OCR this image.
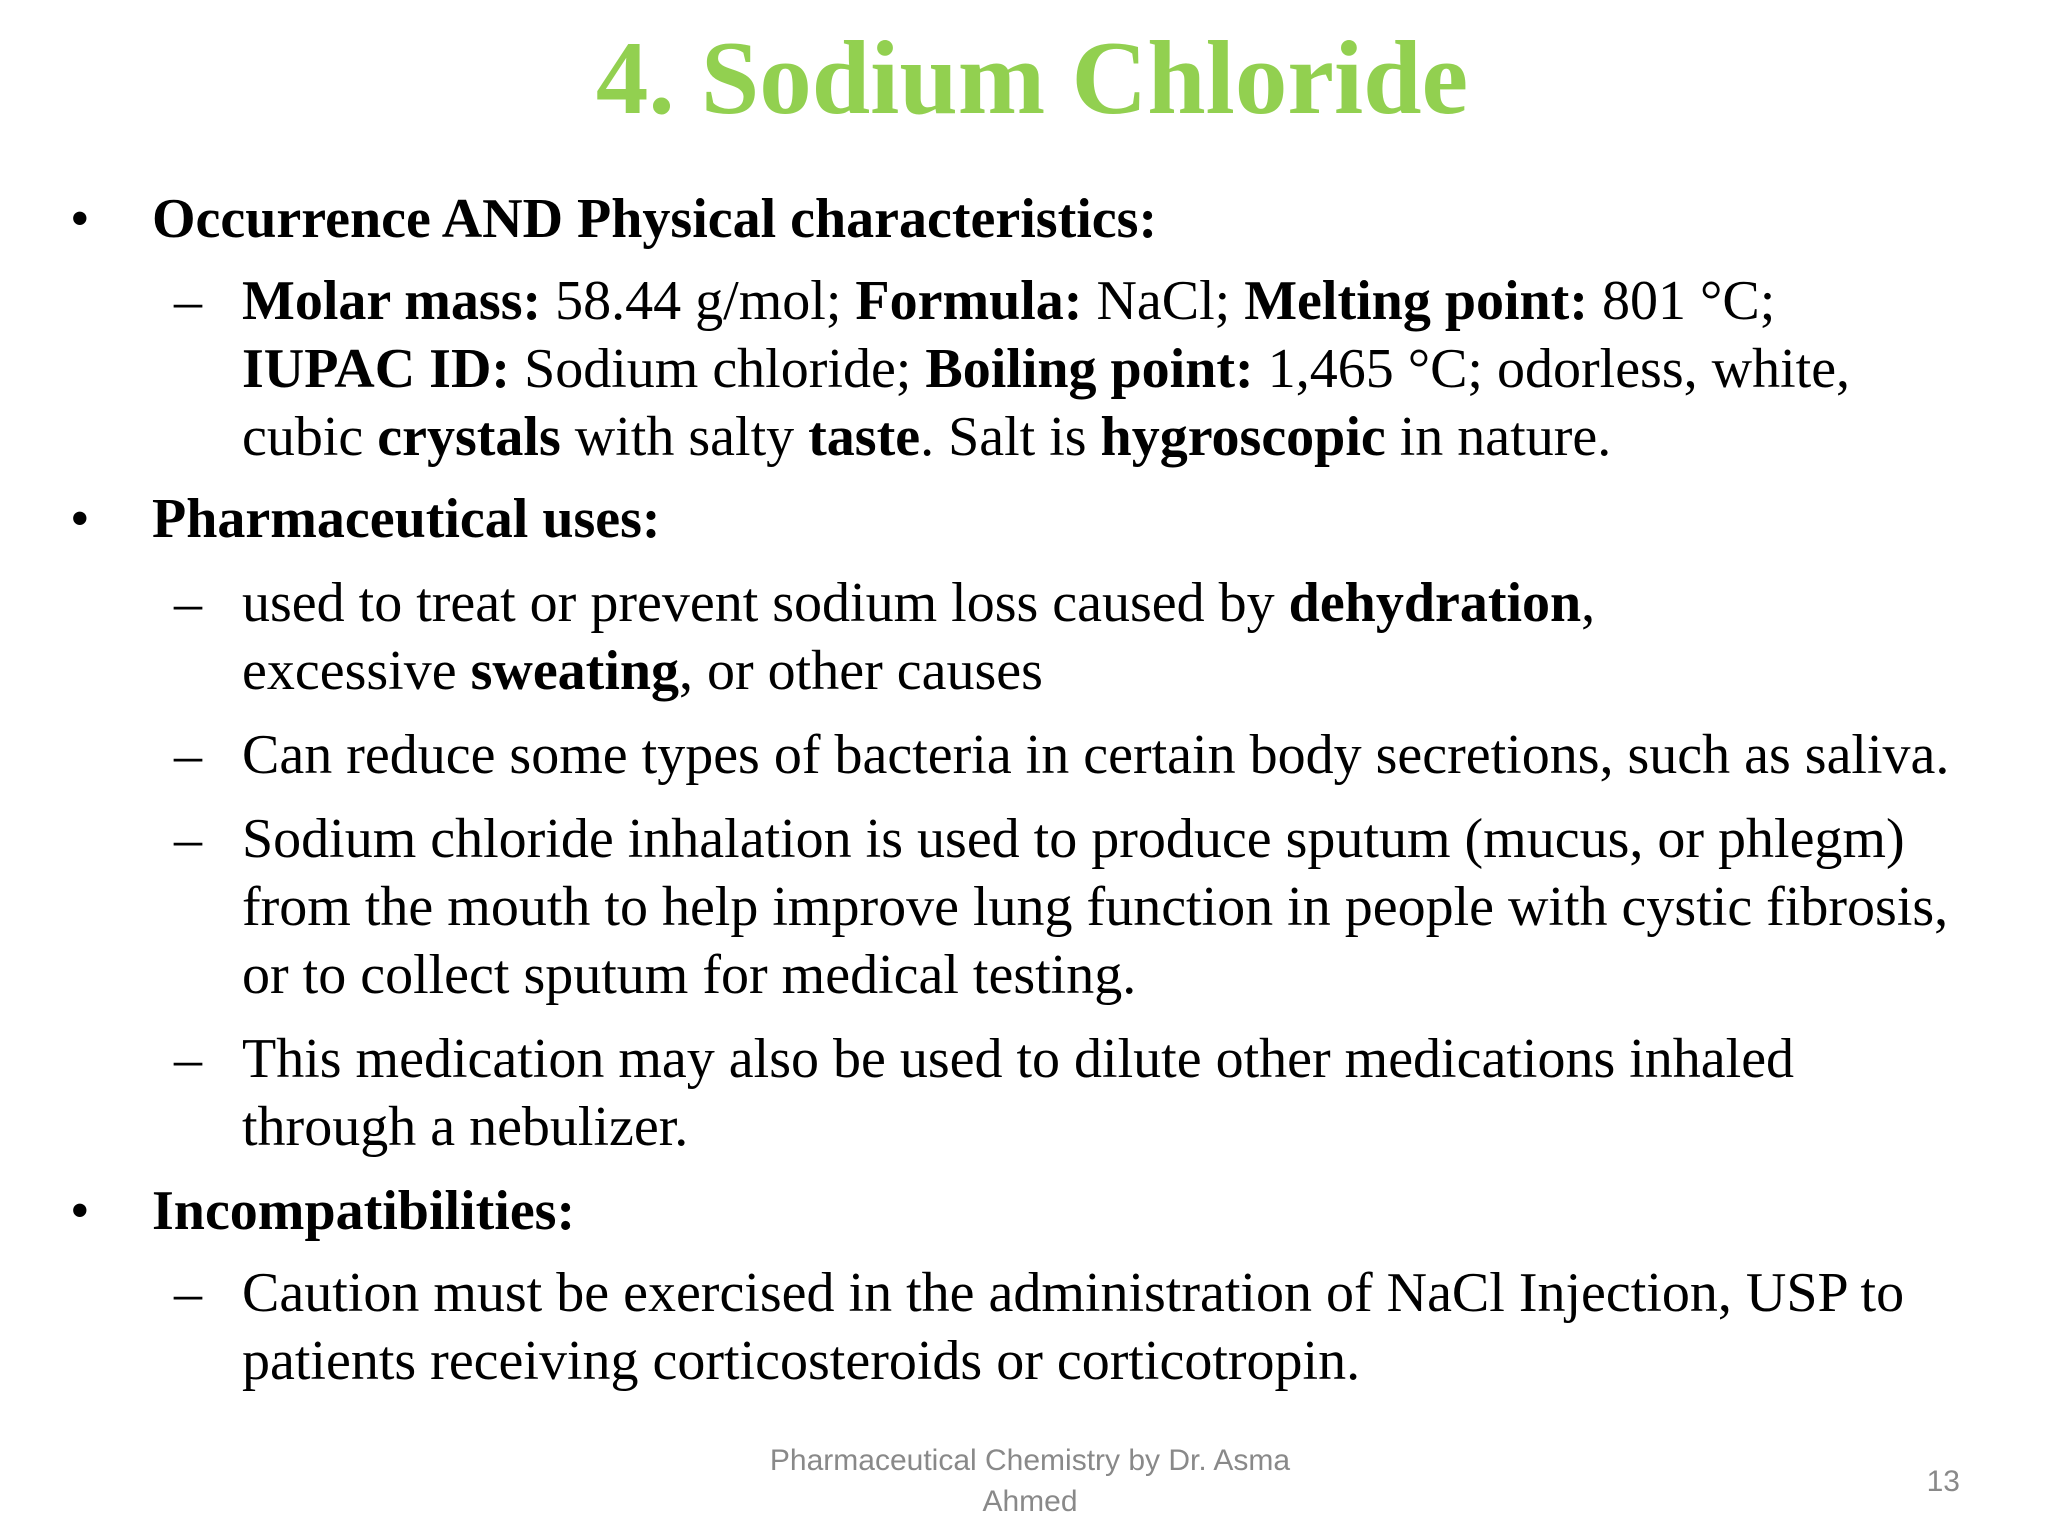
4. Sodium Chloride
• Occurrence AND Physical characteristics:
– Molar mass: 58.44 g/mol; Formula: NaCl; Melting point: 801 °C;
IUPAC ID: Sodium chloride; Boiling point: 1,465 °C; odorless, white,
cubic crystals with salty taste. Salt is hygroscopic in nature.
• Pharmaceutical uses:
– used to treat or prevent sodium loss caused by dehydration,
excessive sweating, or other causes
– Can reduce some types of bacteria in certain body secretions, such as saliva.
– Sodium chloride inhalation is used to produce sputum (mucus, or phlegm)
from the mouth to help improve lung function in people with cystic fibrosis,
or to collect sputum for medical testing.
– This medication may also be used to dilute other medications inhaled
through a nebulizer.
• Incompatibilities:
– Caution must be exercised in the administration of NaCl Injection, USP to
patients receiving corticosteroids or corticotropin.
Pharmaceutical Chemistry by Dr. Asma
Ahmed
13
